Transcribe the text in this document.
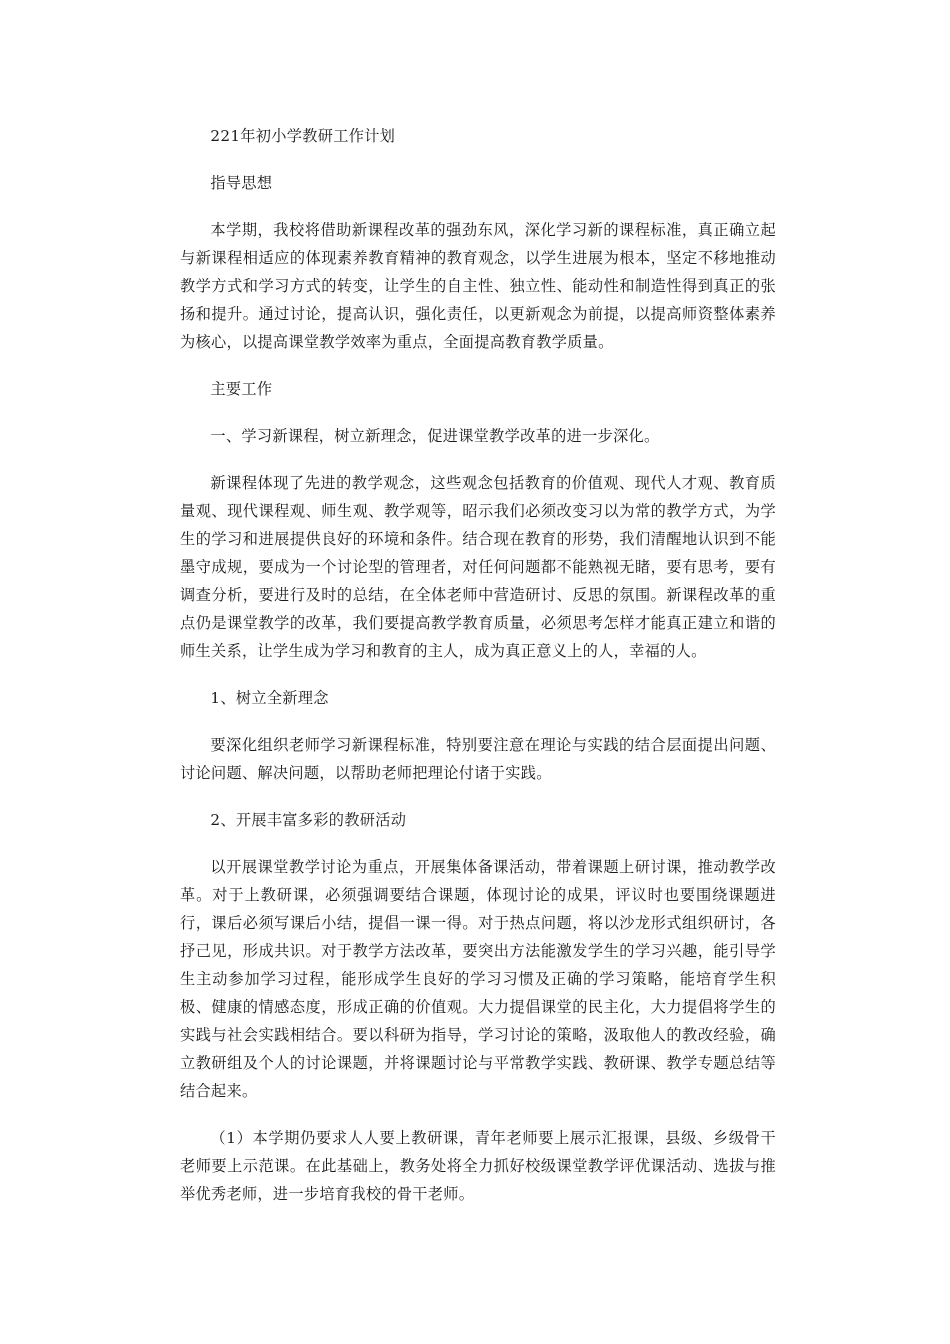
221年初小学教研工作计划

指导思想

本学期，我校将借助新课程改革的强劲东风，深化学习新的课程标准，真正确立起与新课程相适应的体现素养教育精神的教育观念，以学生进展为根本，坚定不移地推动教学方式和学习方式的转变，让学生的自主性、独立性、能动性和制造性得到真正的张扬和提升。通过讨论，提高认识，强化责任，以更新观念为前提，以提高师资整体素养为核心，以提高课堂教学效率为重点，全面提高教育教学质量。

主要工作

一、学习新课程，树立新理念，促进课堂教学改革的进一步深化。

新课程体现了先进的教学观念，这些观念包括教育的价值观、现代人才观、教育质量观、现代课程观、师生观、教学观等，昭示我们必须改变习以为常的教学方式，为学生的学习和进展提供良好的环境和条件。结合现在教育的形势，我们清醒地认识到不能墨守成规，要成为一个讨论型的管理者，对任何问题都不能熟视无睹，要有思考，要有调查分析，要进行及时的总结，在全体老师中营造研讨、反思的氛围。新课程改革的重点仍是课堂教学的改革，我们要提高教学教育质量，必须思考怎样才能真正建立和谐的师生关系，让学生成为学习和教育的主人，成为真正意义上的人，幸福的人。

1、树立全新理念

要深化组织老师学习新课程标准，特别要注意在理论与实践的结合层面提出问题、讨论问题、解决问题，以帮助老师把理论付诸于实践。

2、开展丰富多彩的教研活动

以开展课堂教学讨论为重点，开展集体备课活动，带着课题上研讨课，推动教学改革。对于上教研课，必须强调要结合课题，体现讨论的成果，评议时也要围绕课题进行，课后必须写课后小结，提倡一课一得。对于热点问题，将以沙龙形式组织研讨，各抒己见，形成共识。对于教学方法改革，要突出方法能激发学生的学习兴趣，能引导学生主动参加学习过程，能形成学生良好的学习习惯及正确的学习策略，能培育学生积极、健康的情感态度，形成正确的价值观。大力提倡课堂的民主化，大力提倡将学生的实践与社会实践相结合。要以科研为指导，学习讨论的策略，汲取他人的教改经验，确立教研组及个人的讨论课题，并将课题讨论与平常教学实践、教研课、教学专题总结等结合起来。

（1）本学期仍要求人人要上教研课，青年老师要上展示汇报课，县级、乡级骨干老师要上示范课。在此基础上，教务处将全力抓好校级课堂教学评优课活动、选拔与推举优秀老师，进一步培育我校的骨干老师。
